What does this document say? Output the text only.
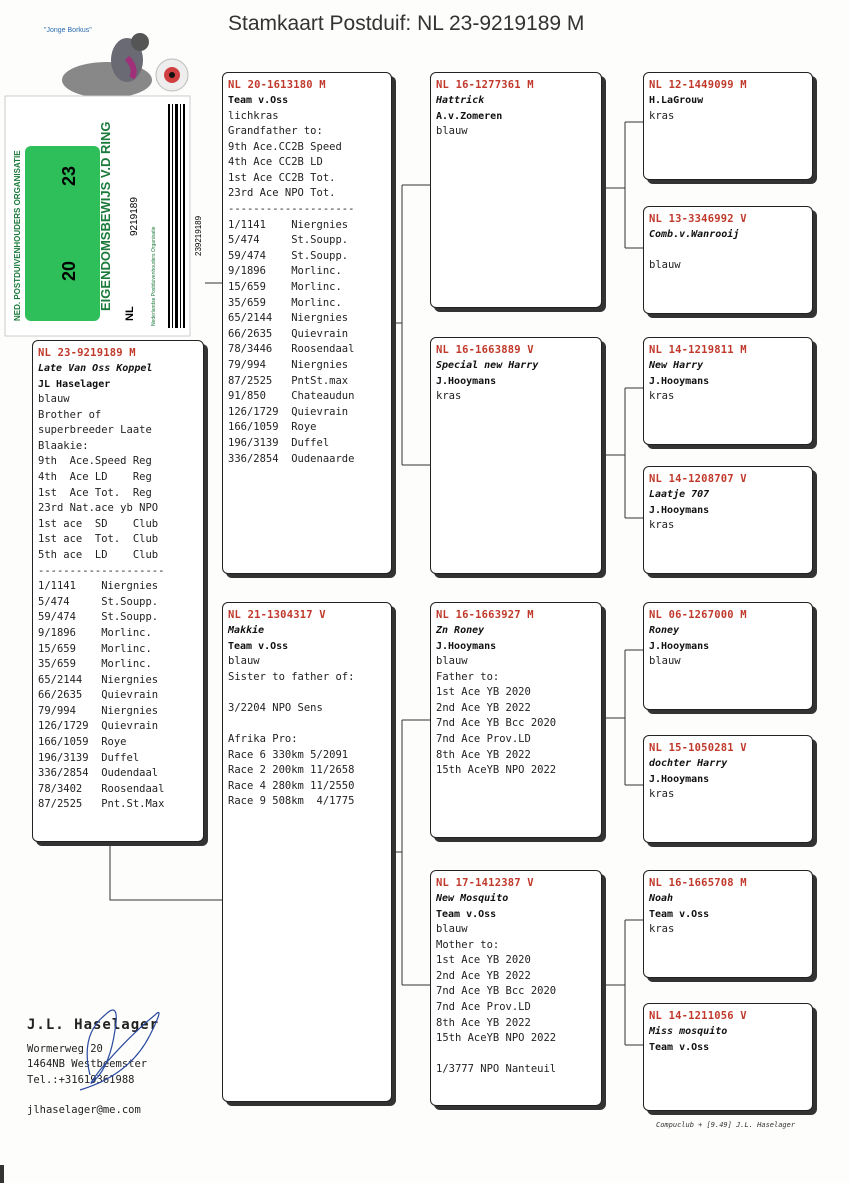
Stamkaart Postduif: NL 23-9219189 M
"Jonge Borkus"
NED. POSTDUIVENHOUDERS ORGANISATIE	EIGENDOMSBEWIJS V.D RING
23
20
NL
9219189	239219189
Nederlandse Postduivenhouders Organisatie
NL 23-9219189 M
Late Van Oss Koppel
JL Haselager
blauw
Brother of
superbreeder Laate
Blaakie:
9th  Ace.Speed Reg
4th  Ace LD    Reg
1st  Ace Tot.  Reg
23rd Nat.ace yb NPO
1st ace  SD    Club
1st ace  Tot.  Club
5th ace  LD    Club
--------------------
1/1141    Niergnies
5/474     St.Soupp.
59/474    St.Soupp.
9/1896    Morlinc.
15/659    Morlinc.
35/659    Morlinc.
65/2144   Niergnies
66/2635   Quievrain
79/994    Niergnies
126/1729  Quievrain
166/1059  Roye
196/3139  Duffel
336/2854  Oudendaal
78/3402   Roosendaal
87/2525   Pnt.St.Max
NL 20-1613180 M
Team v.Oss
lichkras
Grandfather to:
9th Ace.CC2B Speed
4th Ace CC2B LD
1st Ace CC2B Tot.
23rd Ace NPO Tot.
--------------------
1/1141    Niergnies
5/474     St.Soupp.
59/474    St.Soupp.
9/1896    Morlinc.
15/659    Morlinc.
35/659    Morlinc.
65/2144   Niergnies
66/2635   Quievrain
78/3446   Roosendaal
79/994    Niergnies
87/2525   PntSt.max
91/850    Chateaudun
126/1729  Quievrain
166/1059  Roye
196/3139  Duffel
336/2854  Oudenaarde
NL 21-1304317 V
Makkie
Team v.Oss
blauw
Sister to father of:
3/2204 NPO Sens
Afrika Pro:
Race 6 330km 5/2091
Race 2 200km 11/2658
Race 4 280km 11/2550
Race 9 508km  4/1775
NL 16-1277361 M
Hattrick
A.v.Zomeren
blauw
NL 16-1663889 V
Special new Harry
J.Hooymans
kras
NL 16-1663927 M
Zn Roney
J.Hooymans
blauw
Father to:
1st Ace YB 2020
2nd Ace YB 2022
7nd Ace YB Bcc 2020
7nd Ace Prov.LD
8th Ace YB 2022
15th AceYB NPO 2022
NL 17-1412387 V
New Mosquito
Team v.Oss
blauw
Mother to:
1st Ace YB 2020
2nd Ace YB 2022
7nd Ace YB Bcc 2020
7nd Ace Prov.LD
8th Ace YB 2022
15th AceYB NPO 2022
1/3777 NPO Nanteuil
NL 12-1449099 M
H.LaGrouw
kras
NL 13-3346992 V
Comb.v.Wanrooij
blauw
NL 14-1219811 M
New Harry
J.Hooymans
kras
NL 14-1208707 V
Laatje 707
J.Hooymans
kras
NL 06-1267000 M
Roney
J.Hooymans
blauw
NL 15-1050281 V
dochter Harry
J.Hooymans
kras
NL 16-1665708 M
Noah
Team v.Oss
kras
NL 14-1211056 V
Miss mosquito
Team v.Oss
J.L. Haselager
Wormerweg 20
1464NB Westbeemster
Tel.:+31619361988
jlhaselager@me.com
Compuclub + [9.49] J.L. Haselager
